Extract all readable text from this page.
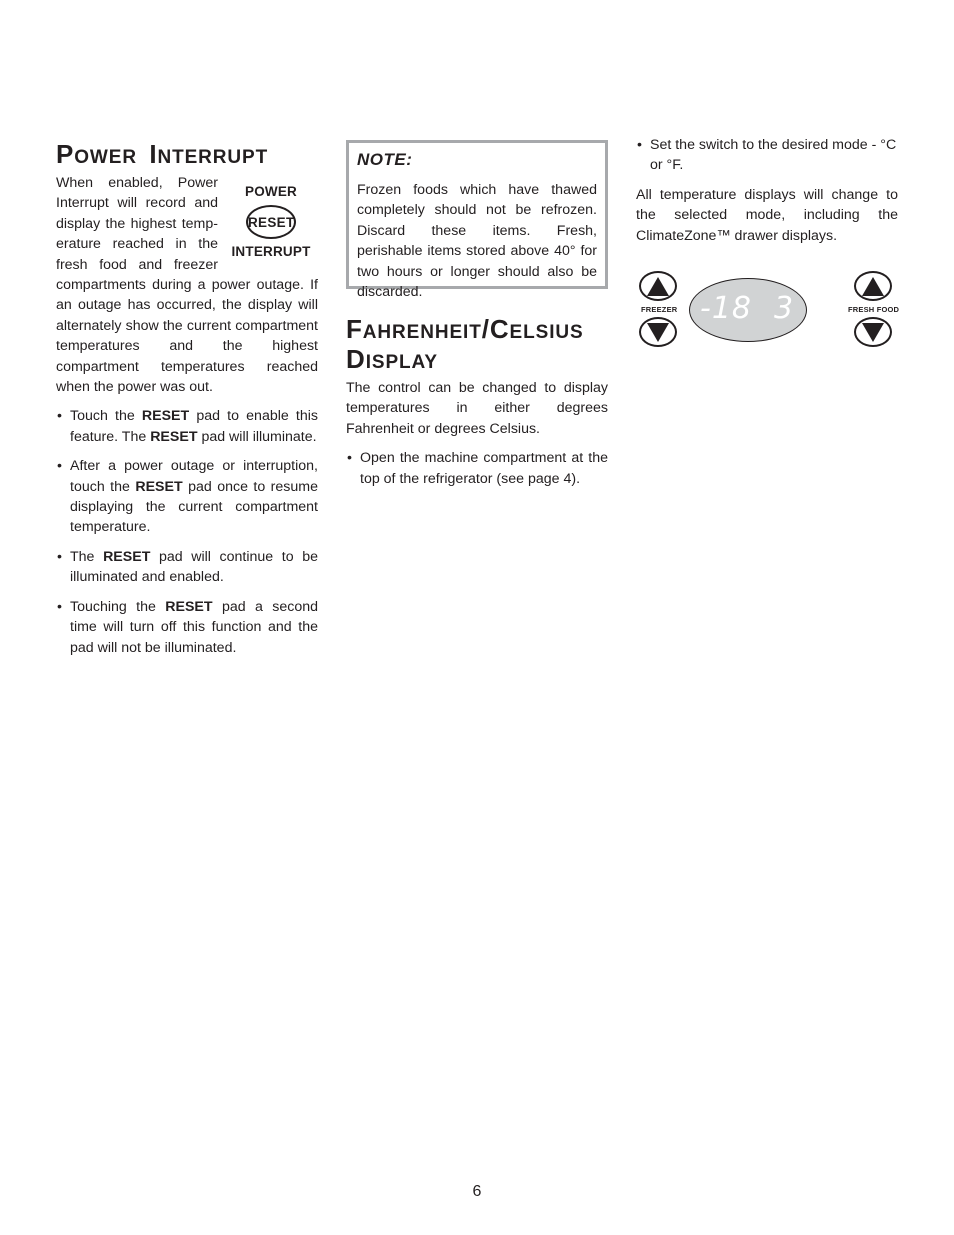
POWER INTERRUPT
POWER
RESET
INTERRUPT
When enabled, Power
Interrupt will record and
display the highest temp-
erature reached in the
fresh food and freezer

compartments during a power outage. If an outage has occurred, the display will alternately show the current compartment temperatures and the highest compartment temperatures reached when the power was out.

• Touch the RESET pad to enable this feature. The RESET pad will illuminate.
• After a power outage or interruption, touch the RESET pad once to resume displaying the current compartment temperature.
• The RESET pad will continue to be illuminated and enabled.
• Touching the RESET pad a second time will turn off this function and the pad will not be illuminated.
NOTE:

Frozen foods which have thawed completely should not be refrozen. Discard these items. Fresh, perishable items stored above 40° for two hours or longer should also be discarded.

FAHRENHEIT/CELSIUS
DISPLAY

The control can be changed to display temperatures in either degrees Fahrenheit or degrees Celsius.

• Open the machine compartment at the top of the refrigerator (see page 4).
• Set the switch to the desired mode - °C or °F.

All temperature displays will change to the selected mode, including the ClimateZone™ drawer displays.

FREEZER -18 3	FRESH FOOD
6
